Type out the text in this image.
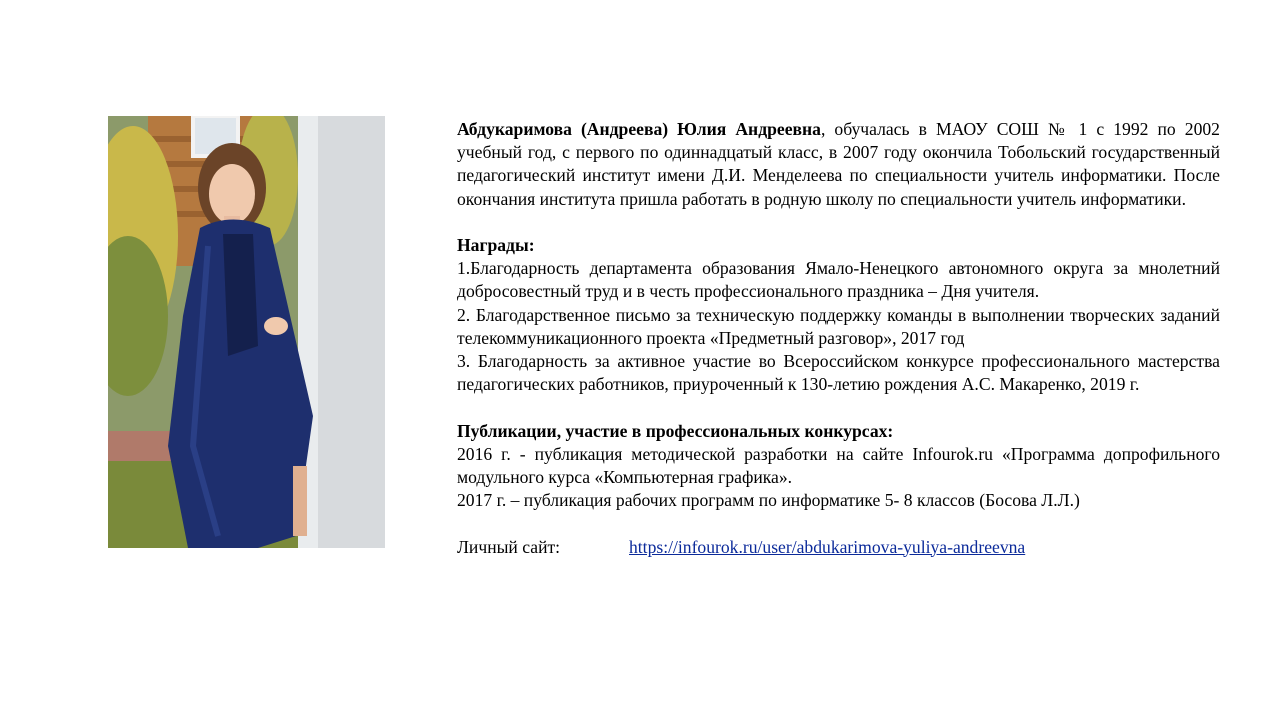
Абдукаримова (Андреева) Юлия Андреевна, обучалась в МАОУ СОШ № 1 с 1992 по 2002 учебный год, с первого по одиннадцатый класс, в 2007 году окончила Тобольский государственный педагогический институт имени Д.И. Менделеева по специальности учитель информатики. После окончания института пришла работать в родную школу по специальности учитель информатики.

Награды:

1.Благодарность департамента образования Ямало-Ненецкого автономного округа за мнолетний добросовестный труд и в честь профессионального праздника – Дня учителя.

2. Благодарственное письмо за техническую поддержку команды в выполнении творческих заданий телекоммуникационного проекта «Предметный разговор», 2017 год

3. Благодарность за активное участие во Всероссийском конкурсе профессионального мастерства педагогических работников, приуроченный к 130-летию рождения А.С. Макаренко, 2019 г.

Публикации, участие в профессиональных конкурсах:

2016 г. - публикация методической разработки на сайте Infourok.ru «Программа допрофильного модульного курса «Компьютерная графика».

2017 г. – публикация рабочих программ по информатике 5- 8 классов (Босова Л.Л.)

Личный сайт:	https://infourok.ru/user/abdukarimova-yuliya-andreevna
